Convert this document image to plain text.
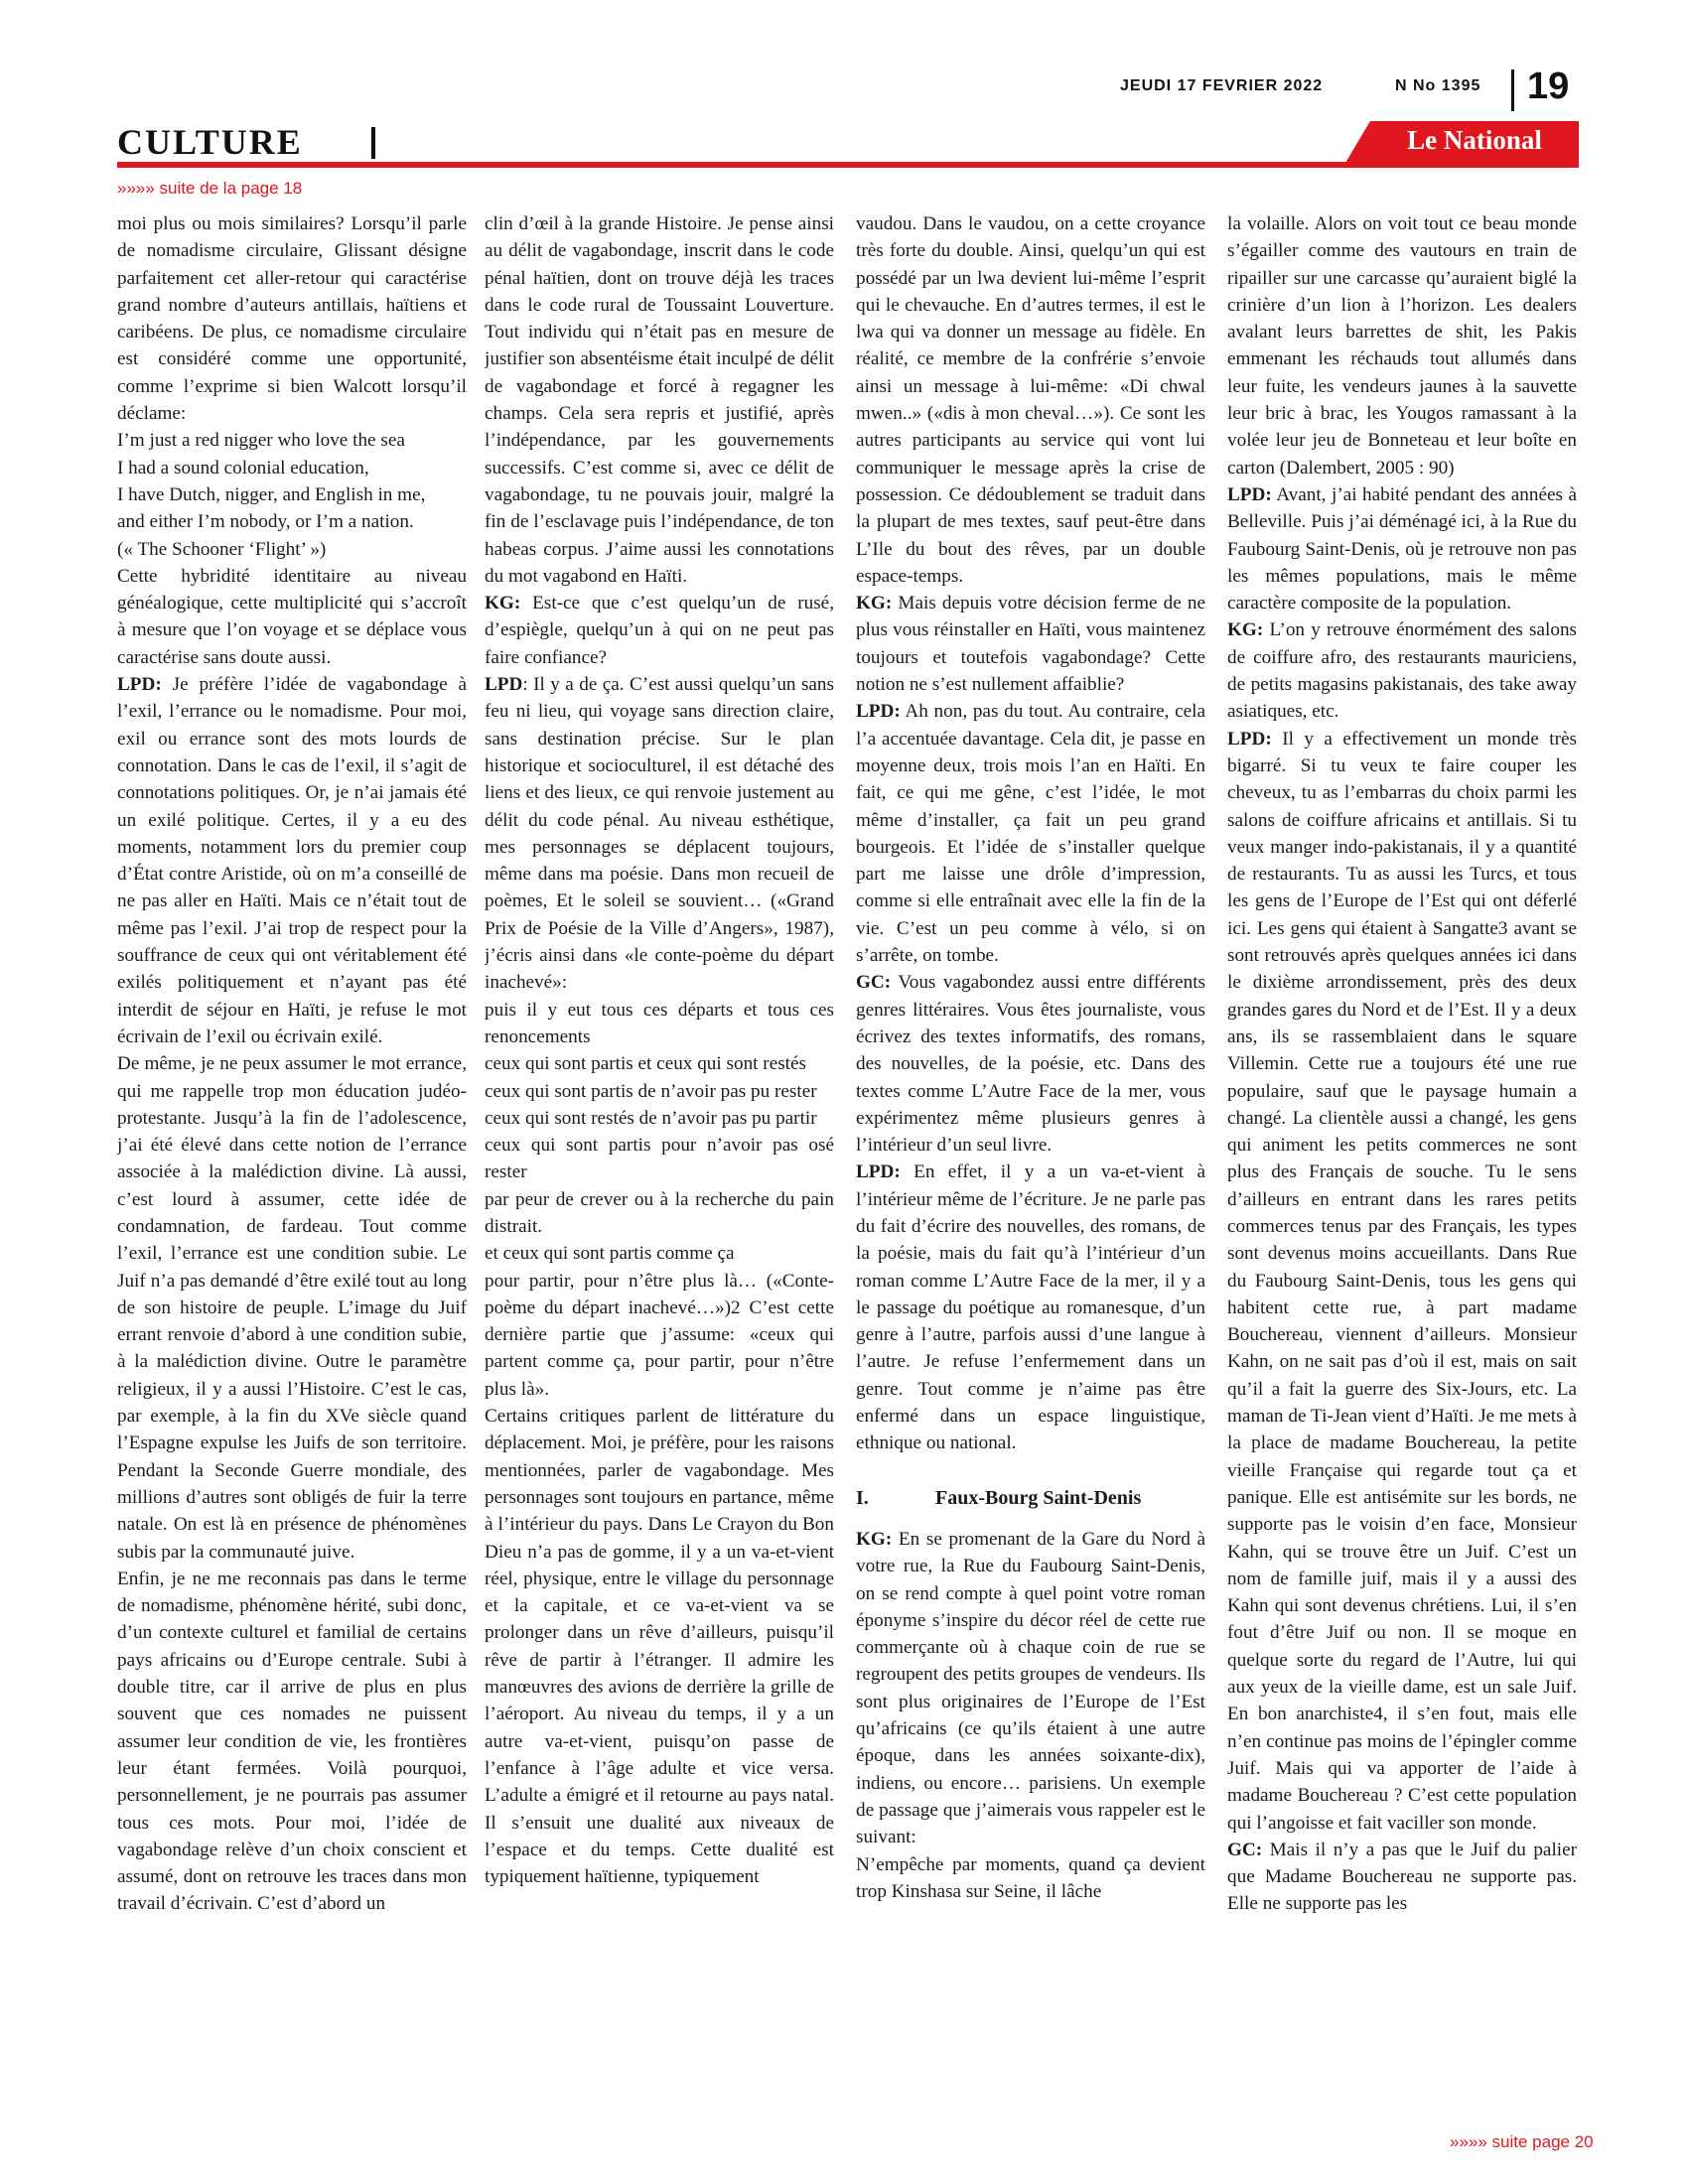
JEUDI 17 FEVRIER 2022	N No 1395 19
CULTURE	Le National
»»»» suite de la page 18

moi plus ou mois similaires? Lorsqu’il parle de nomadisme circulaire, Glissant désigne parfaitement cet aller-retour qui caractérise grand nombre d’auteurs antillais, haïtiens et caribéens. De plus, ce nomadisme circulaire est considéré comme une opportunité, comme l’exprime si bien Walcott lorsqu’il déclame:

I’m just a red nigger who love the sea

I had a sound colonial education,

I have Dutch, nigger, and English in me,

and either I’m nobody, or I’m a nation.

(« The Schooner ‘Flight’ »)

Cette hybridité identitaire au niveau généalogique, cette multiplicité qui s’accroît à mesure que l’on voyage et se déplace vous caractérise sans doute aussi.

LPD: Je préfère l’idée de vagabondage à l’exil, l’errance ou le nomadisme. Pour moi, exil ou errance sont des mots lourds de connotation. Dans le cas de l’exil, il s’agit de connotations politiques. Or, je n’ai jamais été un exilé politique. Certes, il y a eu des moments, notamment lors du premier coup d’État contre Aristide, où on m’a conseillé de ne pas aller en Haïti. Mais ce n’était tout de même pas l’exil. J’ai trop de respect pour la souffrance de ceux qui ont véritablement été exilés politiquement et n’ayant pas été interdit de séjour en Haïti, je refuse le mot écrivain de l’exil ou écrivain exilé.

De même, je ne peux assumer le mot errance, qui me rappelle trop mon éducation judéo-protestante. Jusqu’à la fin de l’adolescence, j’ai été élevé dans cette notion de l’errance associée à la malédiction divine. Là aussi, c’est lourd à assumer, cette idée de condamnation, de fardeau. Tout comme l’exil, l’errance est une condition subie. Le Juif n’a pas demandé d’être exilé tout au long de son histoire de peuple. L’image du Juif errant renvoie d’abord à une condition subie, à la malédiction divine. Outre le paramètre religieux, il y a aussi l’Histoire. C’est le cas, par exemple, à la fin du XVe siècle quand l’Espagne expulse les Juifs de son territoire. Pendant la Seconde Guerre mondiale, des millions d’autres sont obligés de fuir la terre natale. On est là en présence de phénomènes subis par la communauté juive.

Enfin, je ne me reconnais pas dans le terme de nomadisme, phénomène hérité, subi donc, d’un contexte culturel et familial de certains pays africains ou d’Europe centrale. Subi à double titre, car il arrive de plus en plus souvent que ces nomades ne puissent assumer leur condition de vie, les frontières leur étant fermées. Voilà pourquoi, personnellement, je ne pourrais pas assumer tous ces mots. Pour moi, l’idée de vagabondage relève d’un choix conscient et assumé, dont on retrouve les traces dans mon travail d’écrivain. C’est d’abord un

clin d’œil à la grande Histoire. Je pense ainsi au délit de vagabondage, inscrit dans le code pénal haïtien, dont on trouve déjà les traces dans le code rural de Toussaint Louverture. Tout individu qui n’était pas en mesure de justifier son absentéisme était inculpé de délit de vagabondage et forcé à regagner les champs. Cela sera repris et justifié, après l’indépendance, par les gouvernements successifs. C’est comme si, avec ce délit de vagabondage, tu ne pouvais jouir, malgré la fin de l’esclavage puis l’indépendance, de ton habeas corpus. J’aime aussi les connotations du mot vagabond en Haïti.

KG: Est-ce que c’est quelqu’un de rusé, d’espiègle, quelqu’un à qui on ne peut pas faire confiance?

LPD: Il y a de ça. C’est aussi quelqu’un sans feu ni lieu, qui voyage sans direction claire, sans destination précise. Sur le plan historique et socioculturel, il est détaché des liens et des lieux, ce qui renvoie justement au délit du code pénal. Au niveau esthétique, mes personnages se déplacent toujours, même dans ma poésie. Dans mon recueil de poèmes, Et le soleil se souvient… («Grand Prix de Poésie de la Ville d’Angers», 1987), j’écris ainsi dans «le conte-poème du départ inachevé»:

puis il y eut tous ces départs et tous ces renoncements

ceux qui sont partis et ceux qui sont restés

ceux qui sont partis de n’avoir pas pu rester

ceux qui sont restés de n’avoir pas pu partir

ceux qui sont partis pour n’avoir pas osé rester

par peur de crever ou à la recherche du pain distrait.

et ceux qui sont partis comme ça

pour partir, pour n’être plus là… («Conte-poème du départ inachevé…»)2 C’est cette dernière partie que j’assume: «ceux qui partent comme ça, pour partir, pour n’être plus là».

Certains critiques parlent de littérature du déplacement. Moi, je préfère, pour les raisons mentionnées, parler de vagabondage. Mes personnages sont toujours en partance, même à l’intérieur du pays. Dans Le Crayon du Bon Dieu n’a pas de gomme, il y a un va-et-vient réel, physique, entre le village du personnage et la capitale, et ce va-et-vient va se prolonger dans un rêve d’ailleurs, puisqu’il rêve de partir à l’étranger. Il admire les manœuvres des avions de derrière la grille de l’aéroport. Au niveau du temps, il y a un autre va-et-vient, puisqu’on passe de l’enfance à l’âge adulte et vice versa. L’adulte a émigré et il retourne au pays natal. Il s’ensuit une dualité aux niveaux de l’espace et du temps. Cette dualité est typiquement haïtienne, typiquement

vaudou. Dans le vaudou, on a cette croyance très forte du double. Ainsi, quelqu’un qui est possédé par un lwa devient lui-même l’esprit qui le chevauche. En d’autres termes, il est le lwa qui va donner un message au fidèle. En réalité, ce membre de la confrérie s’envoie ainsi un message à lui-même: «Di chwal mwen..» («dis à mon cheval…»). Ce sont les autres participants au service qui vont lui communiquer le message après la crise de possession. Ce dédoublement se traduit dans la plupart de mes textes, sauf peut-être dans L’Ile du bout des rêves, par un double espace-temps.

KG: Mais depuis votre décision ferme de ne plus vous réinstaller en Haïti, vous maintenez toujours et toutefois vagabondage? Cette notion ne s’est nullement affaiblie?

LPD: Ah non, pas du tout. Au contraire, cela l’a accentuée davantage. Cela dit, je passe en moyenne deux, trois mois l’an en Haïti. En fait, ce qui me gêne, c’est l’idée, le mot même d’installer, ça fait un peu grand bourgeois. Et l’idée de s’installer quelque part me laisse une drôle d’impression, comme si elle entraînait avec elle la fin de la vie. C’est un peu comme à vélo, si on s’arrête, on tombe.

GC: Vous vagabondez aussi entre différents genres littéraires. Vous êtes journaliste, vous écrivez des textes informatifs, des romans, des nouvelles, de la poésie, etc. Dans des textes comme L’Autre Face de la mer, vous expérimentez même plusieurs genres à l’intérieur d’un seul livre.

LPD: En effet, il y a un va-et-vient à l’intérieur même de l’écriture. Je ne parle pas du fait d’écrire des nouvelles, des romans, de la poésie, mais du fait qu’à l’intérieur d’un roman comme L’Autre Face de la mer, il y a le passage du poétique au romanesque, d’un genre à l’autre, parfois aussi d’une langue à l’autre. Je refuse l’enfermement dans un genre. Tout comme je n’aime pas être enfermé dans un espace linguistique, ethnique ou national.

I.	Faux-Bourg Saint-Denis

KG: En se promenant de la Gare du Nord à votre rue, la Rue du Faubourg Saint-Denis, on se rend compte à quel point votre roman éponyme s’inspire du décor réel de cette rue commerçante où à chaque coin de rue se regroupent des petits groupes de vendeurs. Ils sont plus originaires de l’Europe de l’Est qu’africains (ce qu’ils étaient à une autre époque, dans les années soixante-dix), indiens, ou encore… parisiens. Un exemple de passage que j’aimerais vous rappeler est le suivant:

N’empêche par moments, quand ça devient trop Kinshasa sur Seine, il lâche

la volaille. Alors on voit tout ce beau monde s’égailler comme des vautours en train de ripailler sur une carcasse qu’auraient biglé la crinière d’un lion à l’horizon. Les dealers avalant leurs barrettes de shit, les Pakis emmenant les réchauds tout allumés dans leur fuite, les vendeurs jaunes à la sauvette leur bric à brac, les Yougos ramassant à la volée leur jeu de Bonneteau et leur boîte en carton (Dalembert, 2005 : 90)

LPD: Avant, j’ai habité pendant des années à Belleville. Puis j’ai déménagé ici, à la Rue du Faubourg Saint-Denis, où je retrouve non pas les mêmes populations, mais le même caractère composite de la population.

KG: L’on y retrouve énormément des salons de coiffure afro, des restaurants mauriciens, de petits magasins pakistanais, des take away asiatiques, etc.

LPD: Il y a effectivement un monde très bigarré. Si tu veux te faire couper les cheveux, tu as l’embarras du choix parmi les salons de coiffure africains et antillais. Si tu veux manger indo-pakistanais, il y a quantité de restaurants. Tu as aussi les Turcs, et tous les gens de l’Europe de l’Est qui ont déferlé ici. Les gens qui étaient à Sangatte3 avant se sont retrouvés après quelques années ici dans le dixième arrondissement, près des deux grandes gares du Nord et de l’Est. Il y a deux ans, ils se rassemblaient dans le square Villemin. Cette rue a toujours été une rue populaire, sauf que le paysage humain a changé. La clientèle aussi a changé, les gens qui animent les petits commerces ne sont plus des Français de souche. Tu le sens d’ailleurs en entrant dans les rares petits commerces tenus par des Français, les types sont devenus moins accueillants. Dans Rue du Faubourg Saint-Denis, tous les gens qui habitent cette rue, à part madame Bouchereau, viennent d’ailleurs. Monsieur Kahn, on ne sait pas d’où il est, mais on sait qu’il a fait la guerre des Six-Jours, etc. La maman de Ti-Jean vient d’Haïti. Je me mets à la place de madame Bouchereau, la petite vieille Française qui regarde tout ça et panique. Elle est antisémite sur les bords, ne supporte pas le voisin d’en face, Monsieur Kahn, qui se trouve être un Juif. C’est un nom de famille juif, mais il y a aussi des Kahn qui sont devenus chrétiens. Lui, il s’en fout d’être Juif ou non. Il se moque en quelque sorte du regard de l’Autre, lui qui aux yeux de la vieille dame, est un sale Juif. En bon anarchiste4, il s’en fout, mais elle n’en continue pas moins de l’épingler comme Juif. Mais qui va apporter de l’aide à madame Bouchereau ? C’est cette population qui l’angoisse et fait vaciller son monde.

GC: Mais il n’y a pas que le Juif du palier que Madame Bouchereau ne supporte pas. Elle ne supporte pas les

»»»» suite page 20
